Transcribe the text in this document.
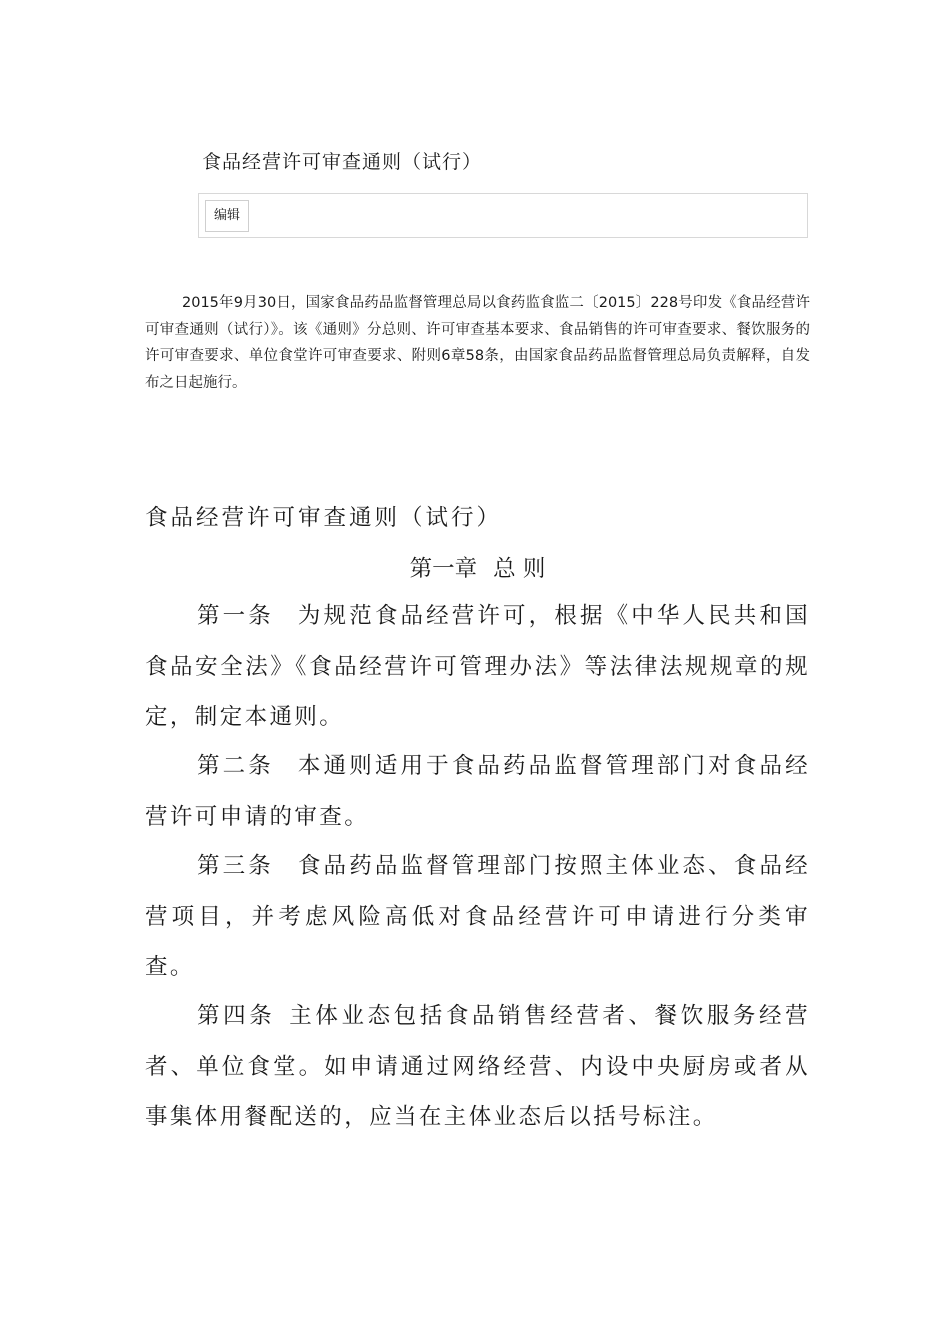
食品经营许可审查通则（试行）
编辑

2015年9月30日，国家食品药品监督管理总局以食药监食监二〔2015〕228号印发《食品经营许可审查通则（试行）》。该《通则》分总则、许可审查基本要求、食品销售的许可审查要求、餐饮服务的许可审查要求、单位食堂许可审查要求、附则6章58条，由国家食品药品监督管理总局负责解释，自发布之日起施行。

食品经营许可审查通则（试行）
第一章 总 则

第一条 为规范食品经营许可，根据《中华人民共和国食品安全法》《食品经营许可管理办法》等法律法规规章的规定，制定本通则。

第二条 本通则适用于食品药品监督管理部门对食品经营许可申请的审查。

第三条 食品药品监督管理部门按照主体业态、食品经营项目，并考虑风险高低对食品经营许可申请进行分类审查。

第四条 主体业态包括食品销售经营者、餐饮服务经营者、单位食堂。如申请通过网络经营、内设中央厨房或者从事集体用餐配送的，应当在主体业态后以括号标注。
